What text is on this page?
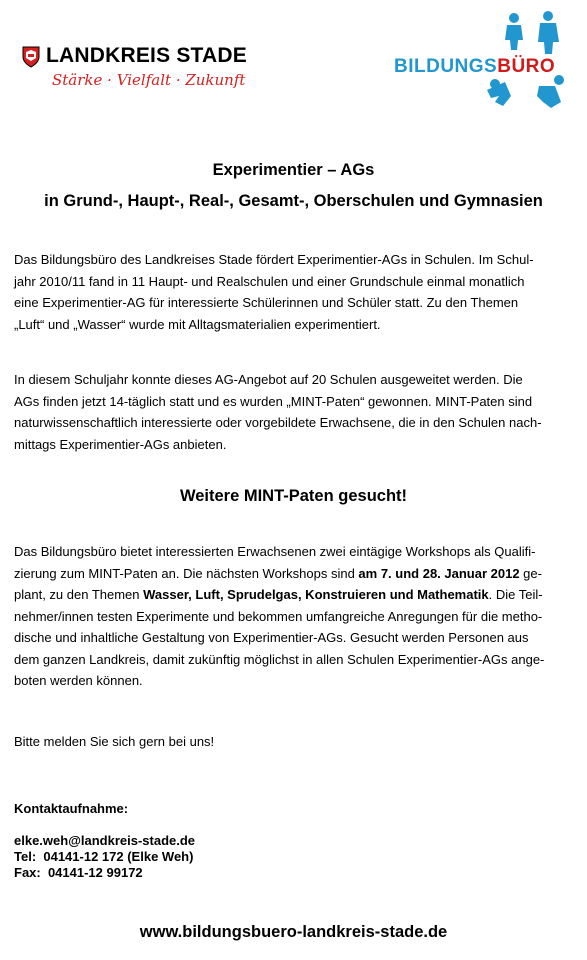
LANDKREIS STADE
Stärke · Vielfalt · Zukunft
BILDUNGSBÜRO
Experimentier – AGs
in Grund-, Haupt-, Real-, Gesamt-, Oberschulen und Gymnasien
Das Bildungsbüro des Landkreises Stade fördert Experimentier-AGs in Schulen. Im Schul-
jahr 2010/11 fand in 11 Haupt- und Realschulen und einer Grundschule einmal monatlich
eine Experimentier-AG für interessierte Schülerinnen und Schüler statt. Zu den Themen
„Luft“ und „Wasser“ wurde mit Alltagsmaterialien experimentiert.
In diesem Schuljahr konnte dieses AG-Angebot auf 20 Schulen ausgeweitet werden. Die
AGs finden jetzt 14-täglich statt und es wurden „MINT-Paten“ gewonnen. MINT-Paten sind
naturwissenschaftlich interessierte oder vorgebildete Erwachsene, die in den Schulen nach-
mittags Experimentier-AGs anbieten.
Weitere MINT-Paten gesucht!
Das Bildungsbüro bietet interessierten Erwachsenen zwei eintägige Workshops als Qualifi-
zierung zum MINT-Paten an. Die nächsten Workshops sind am 7. und 28. Januar 2012 ge-
plant, zu den Themen Wasser, Luft, Sprudelgas, Konstruieren und Mathematik. Die Teil-
nehmer/innen testen Experimente und bekommen umfangreiche Anregungen für die metho-
dische und inhaltliche Gestaltung von Experimentier-AGs. Gesucht werden Personen aus
dem ganzen Landkreis, damit zukünftig möglichst in allen Schulen Experimentier-AGs ange-
boten werden können.
Bitte melden Sie sich gern bei uns!
Kontaktaufnahme:
elke.weh@landkreis-stade.de
Tel:  04141-12 172 (Elke Weh)
Fax:  04141-12 99172
www.bildungsbuero-landkreis-stade.de
